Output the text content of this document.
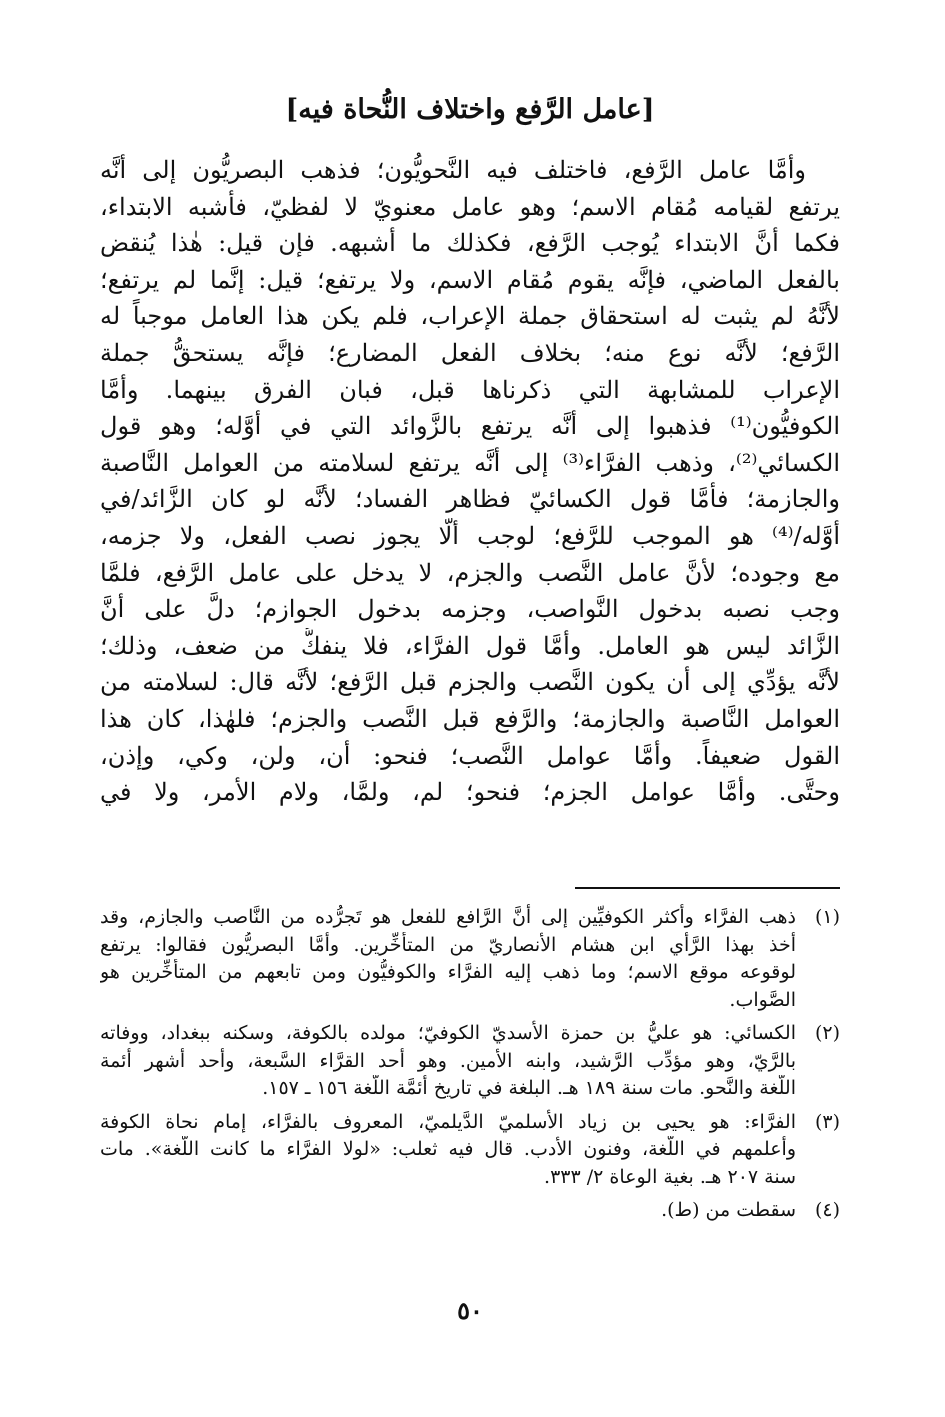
[عامل الرَّفع واختلاف النُّحاة فيه]
وأمَّا عامل الرَّفع، فاختلف فيه النَّحويُّون؛ فذهب البصريُّون إلى أنَّه
يرتفع لقيامه مُقام الاسم؛ وهو عامل معنويّ لا لفظيّ، فأشبه الابتداء،
فكما أنَّ الابتداء يُوجب الرَّفع، فكذلك ما أشبهه. فإن قيل: هٰذا يُنقض
بالفعل الماضي، فإنَّه يقوم مُقام الاسم، ولا يرتفع؛ قيل: إنَّما لم يرتفع؛
لأنَّهُ لم يثبت له استحقاق جملة الإعراب، فلم يكن هذا العامل موجباً له
الرَّفع؛ لأنَّه نوع منه؛ بخلاف الفعل المضارع؛ فإنَّه يستحقُّ جملة
الإعراب للمشابهة التي ذكرناها قبل، فبان الفرق بينهما. وأمَّا
الكوفيُّون⁽¹⁾ فذهبوا إلى أنَّه يرتفع بالزَّوائد التي في أوَّله؛ وهو قول
الكسائي⁽²⁾، وذهب الفرَّاء⁽³⁾ إلى أنَّه يرتفع لسلامته من العوامل النَّاصبة
والجازمة؛ فأمَّا قول الكسائيّ فظاهر الفساد؛ لأنَّه لو كان الزَّائد/في
أوَّله/⁽⁴⁾ هو الموجب للرَّفع؛ لوجب ألَّا يجوز نصب الفعل، ولا جزمه،
مع وجوده؛ لأنَّ عامل النَّصب والجزم، لا يدخل على عامل الرَّفع، فلمَّا
وجب نصبه بدخول النَّواصب، وجزمه بدخول الجوازم؛ دلَّ على أنَّ
الزَّائد ليس هو العامل. وأمَّا قول الفرَّاء، فلا ينفكُّ من ضعف، وذلك؛
لأنَّه يؤدِّي إلى أن يكون النَّصب والجزم قبل الرَّفع؛ لأنَّه قال: لسلامته من
العوامل النَّاصبة والجازمة؛ والرَّفع قبل النَّصب والجزم؛ فلهٰذا، كان هذا
القول ضعيفاً. وأمَّا عوامل النَّصب؛ فنحو: أن، ولن، وكي، وإذن،
وحتَّى. وأمَّا عوامل الجزم؛ فنحو؛ لم، ولمَّا، ولام الأمر، ولا في
(١)
ذهب الفرَّاء وأكثر الكوفيِّين إلى أنَّ الرَّافع للفعل هو تَجرُّده من النَّاصب والجازم، وقد
أخذ بهذا الرَّأي ابن هشام الأنصاريّ من المتأخِّرين. وأمَّا البصريُّون فقالوا: يرتفع
لوقوعه موقع الاسم؛ وما ذهب إليه الفرَّاء والكوفيُّون ومن تابعهم من المتأخِّرين هو
الصَّواب.
(٢)
الكسائي: هو عليُّ بن حمزة الأسديّ الكوفيّ؛ مولده بالكوفة، وسكنه ببغداد، ووفاته
بالرَّيّ، وهو مؤدِّب الرَّشيد، وابنه الأمين. وهو أحد القرَّاء السَّبعة، وأحد أشهر أئمة
اللُّغة والنَّحو. مات سنة ١٨٩ هـ. البلغة في تاريخ أئمَّة اللُّغة ١٥٦ ـ ١٥٧.
(٣)
الفرَّاء: هو يحيى بن زياد الأسلميّ الدَّيلميّ، المعروف بالفرَّاء، إمام نحاة الكوفة
وأعلمهم في اللُّغة، وفنون الأدب. قال فيه ثعلب: «لولا الفرَّاء ما كانت اللُّغة». مات
سنة ٢٠٧ هـ. بغية الوعاة ٢/ ٣٣٣.
(٤)
سقطت من (ط).
٥٠
